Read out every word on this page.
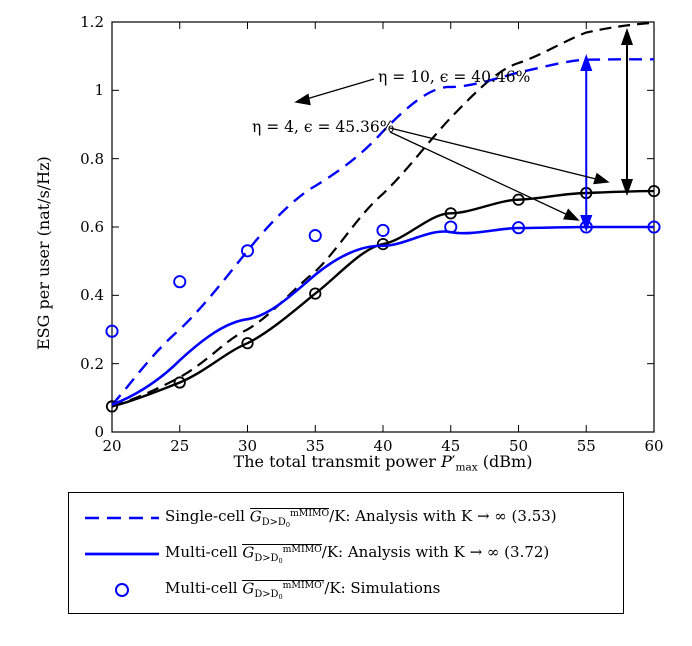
ESG per user (nat/s/Hz)
The total transmit power $P'_{max}$ (dBm)
20	25	30	35	40	45	50	55	60
0
0.2
0.4
0.6
0.8
1
1.2
η = 10, ϵ = 40.46%
η = 4, ϵ = 45.36%
Single-cell $G_{D>D_0}^{mMIMO}/K$: Analysis with K → ∞ (3.53)
Multi-cell $G_{D>D_0}^{mMIMO}/K$: Analysis with K → ∞ (3.72)
Multi-cell $G_{D>D_0}^{mMIMO'}/K$: Simulations
